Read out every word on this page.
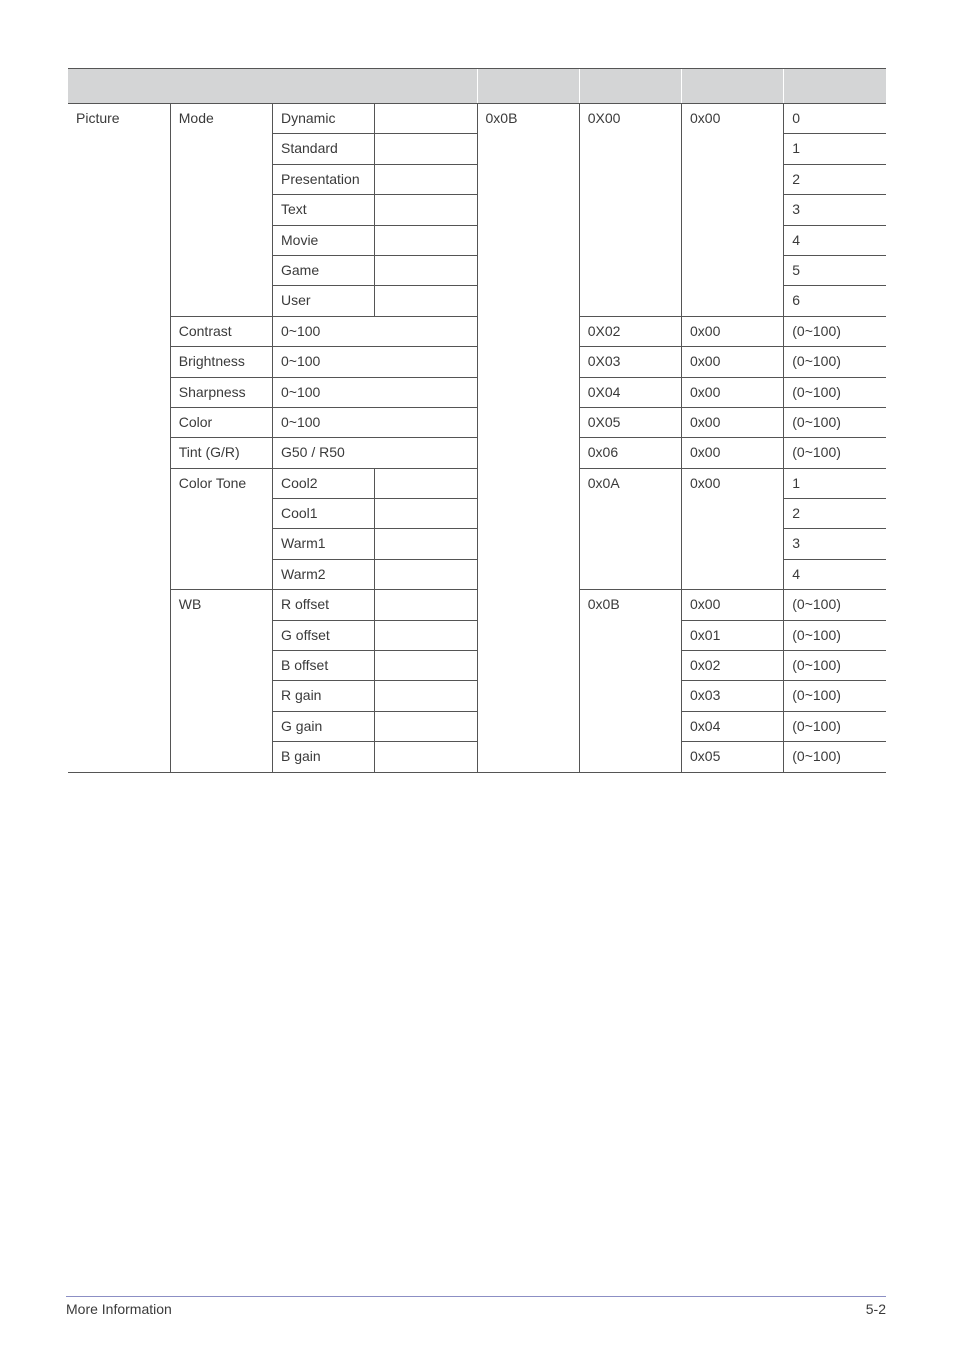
Picture	Mode	Dynamic		0x0B	0X00	0x00	0
		Standard					1
		Presentation					2
		Text					3
		Movie					4
		Game					5
		User					6
	Contrast	0~100			0X02	0x00	(0~100)
	Brightness	0~100			0X03	0x00	(0~100)
	Sharpness	0~100			0X04	0x00	(0~100)
	Color	0~100			0X05	0x00	(0~100)
	Tint (G/R)	G50 / R50			0x06	0x00	(0~100)
	Color Tone	Cool2			0x0A	0x00	1
		Cool1					2
		Warm1					3
		Warm2					4
	WB	R offset			0x0B	0x00	(0~100)
		G offset				0x01	(0~100)
		B offset				0x02	(0~100)
		R gain				0x03	(0~100)
		G gain				0x04	(0~100)
		B gain				0x05	(0~100)
More Information	5-2
